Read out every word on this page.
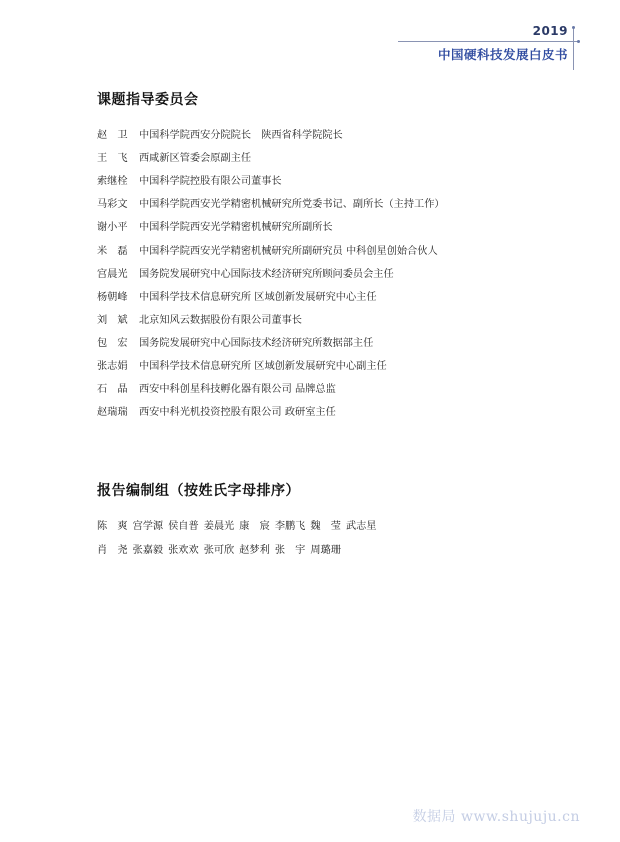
2019
中国硬科技发展白皮书
课题指导委员会
赵　卫	中国科学院西安分院院长　陕西省科学院院长
王　飞	西咸新区管委会原副主任
索继栓	中国科学院控股有限公司董事长
马彩文	中国科学院西安光学精密机械研究所党委书记、副所长（主持工作）
谢小平	中国科学院西安光学精密机械研究所副所长
米　磊	中国科学院西安光学精密机械研究所副研究员 中科创星创始合伙人
宫晨光	国务院发展研究中心国际技术经济研究所顾问委员会主任
杨朝峰	中国科学技术信息研究所 区域创新发展研究中心主任
刘　斌	北京知风云数据股份有限公司董事长
包　宏	国务院发展研究中心国际技术经济研究所数据部主任
张志娟	中国科学技术信息研究所 区域创新发展研究中心副主任
石　晶	西安中科创星科技孵化器有限公司 品牌总监
赵瑞瑞	西安中科光机投资控股有限公司 政研室主任
报告编制组（按姓氏字母排序）
陈　爽 宫学源 侯自普 姜晨光 康　宸 李鹏飞 魏　莹 武志星
肖　尧 张嘉毅 张欢欢 张可欣 赵梦利 张　宇 周璐珊
数据局 www.shujuju.cn
